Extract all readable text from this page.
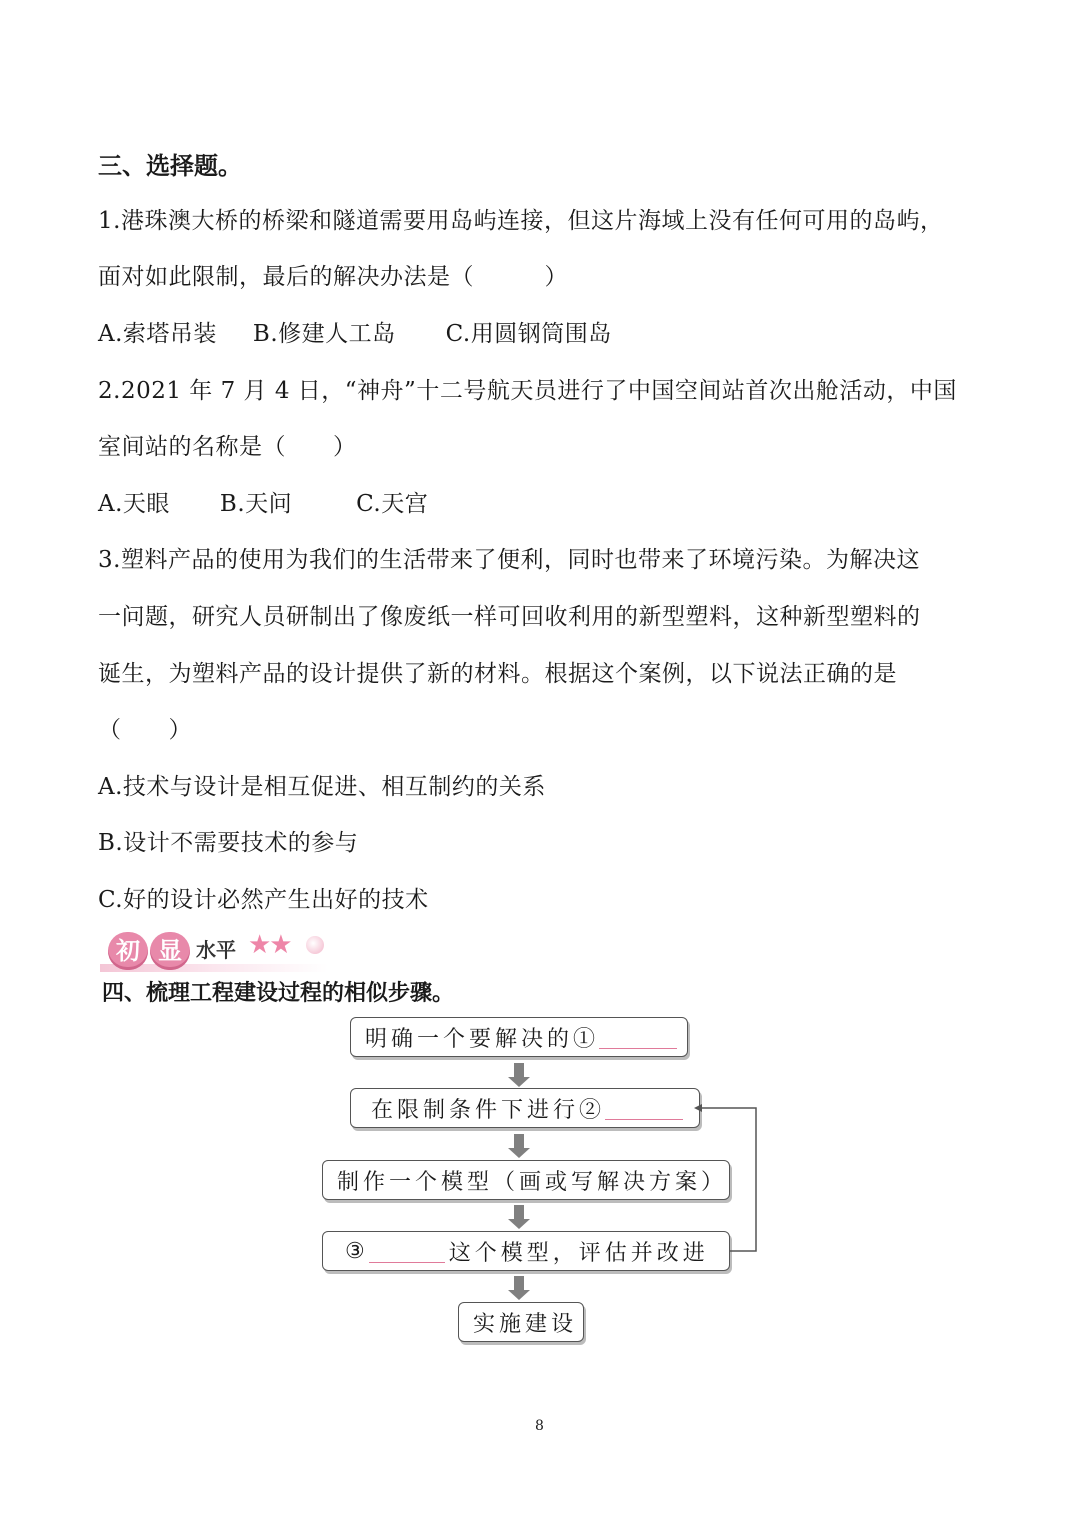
三、选择题。
1.港珠澳大桥的桥梁和隧道需要用岛屿连接，但这片海域上没有任何可用的岛屿，
面对如此限制，最后的解决办法是（　　　）
A.索塔吊装 B.修建人工岛 C.用圆钢筒围岛
2.2021 年 7 月 4 日，“神舟”十二号航天员进行了中国空间站首次出舱活动，中国
室间站的名称是（　　）
A.天眼 B.天问	C.天宫
3.塑料产品的使用为我们的生活带来了便利，同时也带来了环境污染。为解决这
一问题，研究人员研制出了像废纸一样可回收利用的新型塑料，这种新型塑料的
诞生，为塑料产品的设计提供了新的材料。根据这个案例，以下说法正确的是
（　　）
A.技术与设计是相互促进、相互制约的关系
B.设计不需要技术的参与
C.好的设计必然产生出好的技术
初 显 水平 ★★
四、梳理工程建设过程的相似步骤。
明确一个要解决的①
在限制条件下进行②
制作一个模型（画或写解决方案）
③	这个模型，评估并改进
实施建设
8
